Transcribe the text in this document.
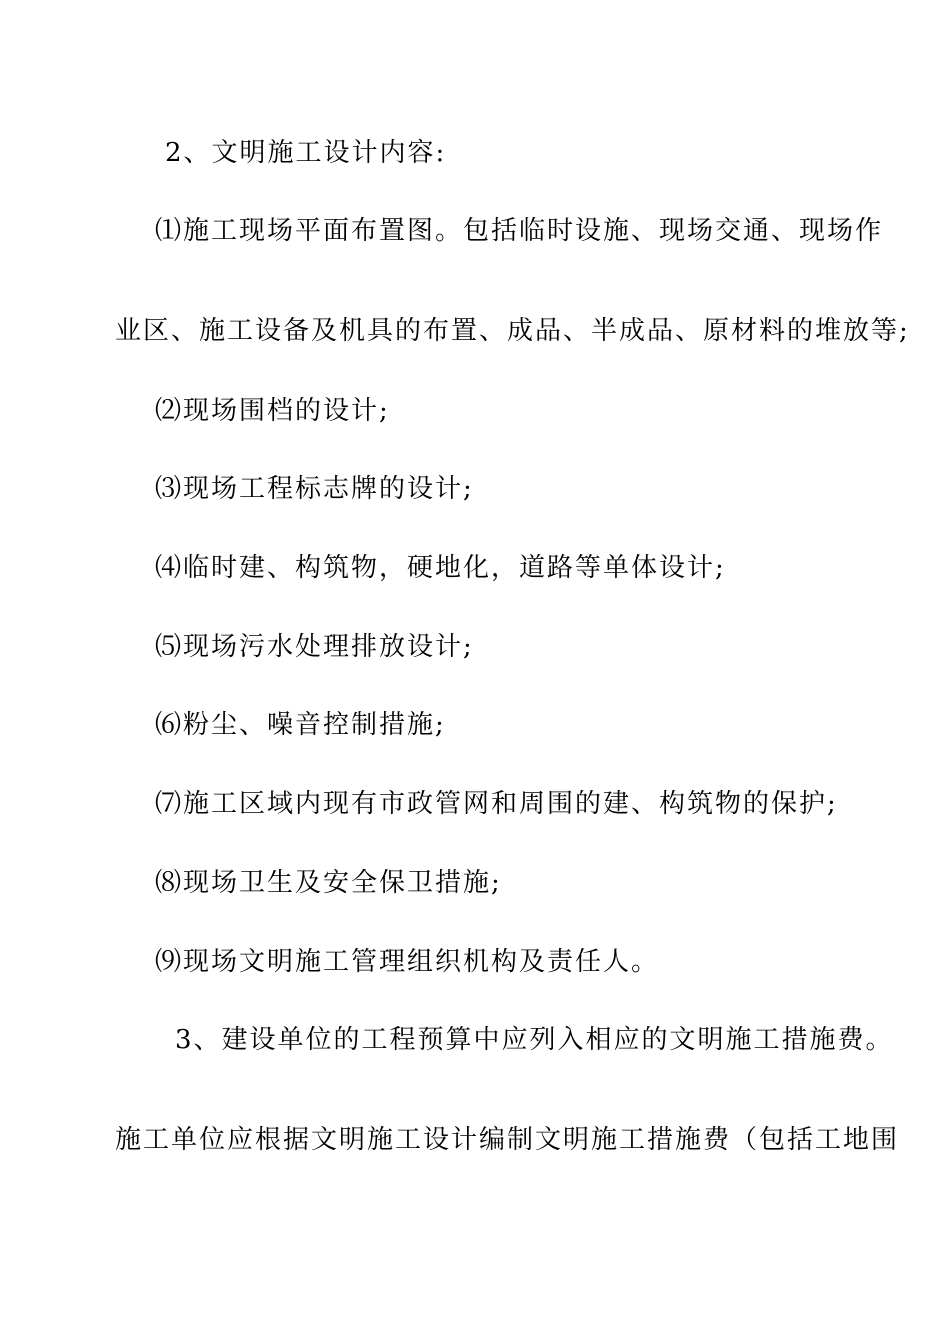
2、文明施工设计内容:
⑴施工现场平面布置图。包括临时设施、现场交通、现场作
业区、施工设备及机具的布置、成品、半成品、原材料的堆放等;
⑵现场围档的设计;
⑶现场工程标志牌的设计;
⑷临时建、构筑物，硬地化，道路等单体设计;
⑸现场污水处理排放设计;
⑹粉尘、噪音控制措施;
⑺施工区域内现有市政管网和周围的建、构筑物的保护;
⑻现场卫生及安全保卫措施;
⑼现场文明施工管理组织机构及责任人。
3、建设单位的工程预算中应列入相应的文明施工措施费。
施工单位应根据文明施工设计编制文明施工措施费（包括工地围
